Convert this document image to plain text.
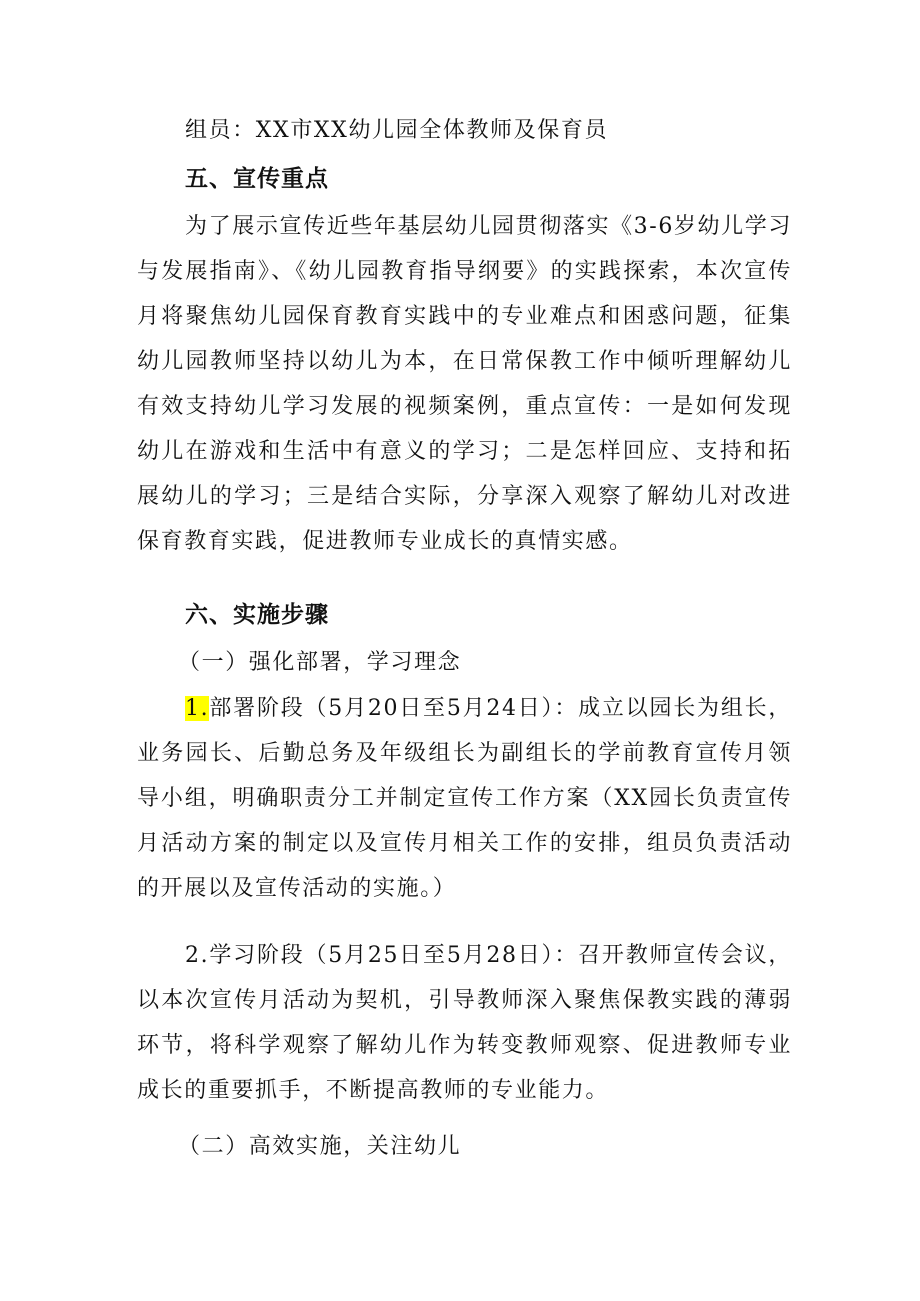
组员：XX市XX幼儿园全体教师及保育员

五、宣传重点

为了展示宣传近些年基层幼儿园贯彻落实《3-6岁幼儿学习与发展指南》、《幼儿园教育指导纲要》的实践探索，本次宣传月将聚焦幼儿园保育教育实践中的专业难点和困惑问题，征集幼儿园教师坚持以幼儿为本，在日常保教工作中倾听理解幼儿有效支持幼儿学习发展的视频案例，重点宣传：一是如何发现幼儿在游戏和生活中有意义的学习；二是怎样回应、支持和拓展幼儿的学习；三是结合实际，分享深入观察了解幼儿对改进保育教育实践，促进教师专业成长的真情实感。

六、实施步骤

（一）强化部署，学习理念

1.部署阶段（5月20日至5月24日）：成立以园长为组长，业务园长、后勤总务及年级组长为副组长的学前教育宣传月领导小组，明确职责分工并制定宣传工作方案（XX园长负责宣传月活动方案的制定以及宣传月相关工作的安排，组员负责活动的开展以及宣传活动的实施。）

2.学习阶段（5月25日至5月28日）：召开教师宣传会议，以本次宣传月活动为契机，引导教师深入聚焦保教实践的薄弱环节，将科学观察了解幼儿作为转变教师观察、促进教师专业成长的重要抓手，不断提高教师的专业能力。

（二）高效实施，关注幼儿
